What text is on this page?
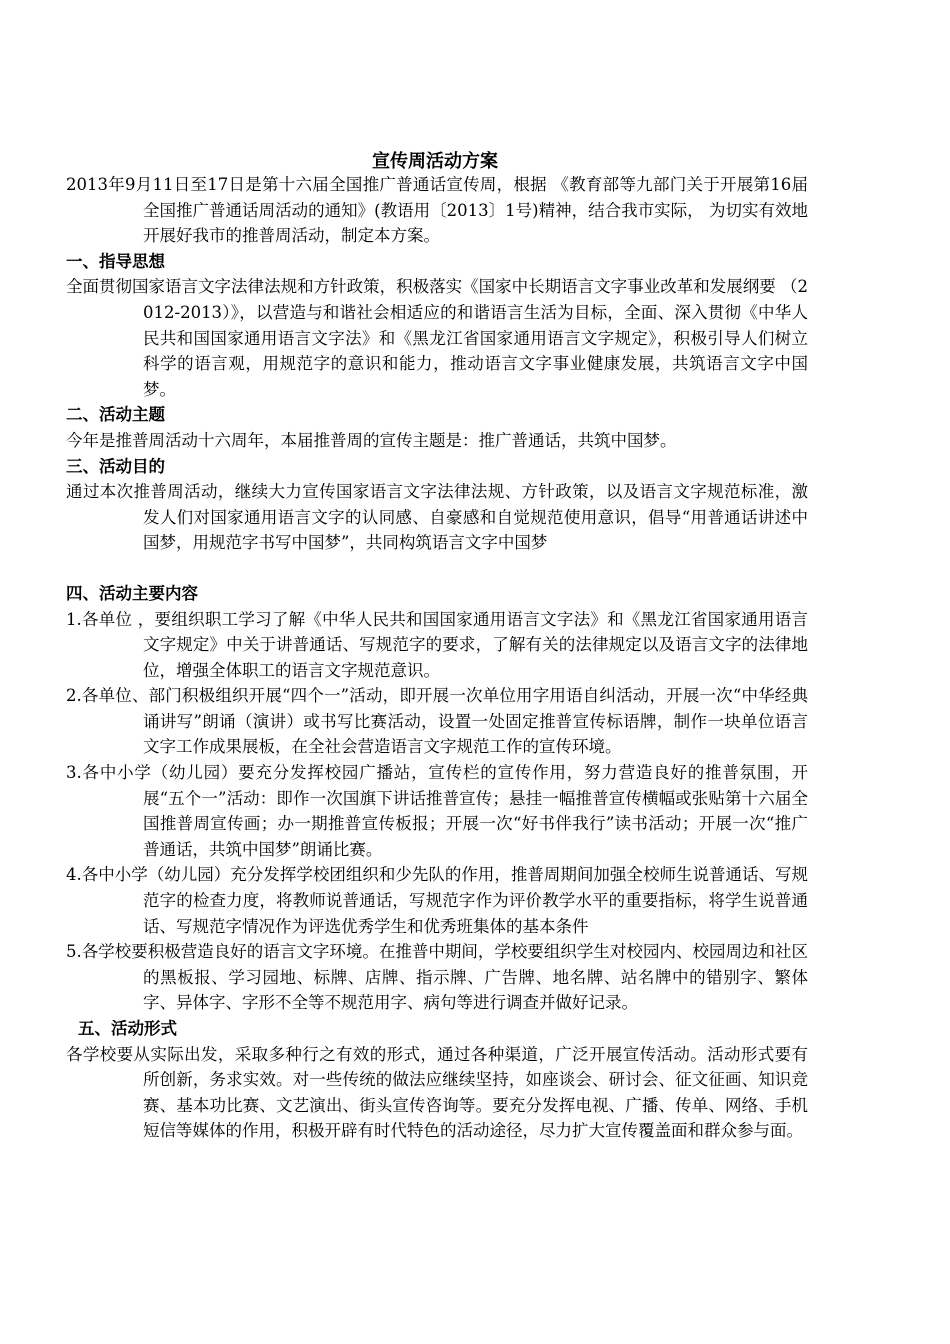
宣传周活动方案

2013年9月11日至17日是第十六届全国推广普通话宣传周，根据 《教育部等九部门关于开展第16届全国推广普通话周活动的通知》(教语用〔2013〕1号)精神，结合我市实际， 为切实有效地开展好我市的推普周活动，制定本方案。

一、指导思想

全面贯彻国家语言文字法律法规和方针政策，积极落实《国家中长期语言文字事业改革和发展纲要 （2012-2013）》，以营造与和谐社会相适应的和谐语言生活为目标，全面、深入贯彻《中华人民共和国国家通用语言文字法》和《黑龙江省国家通用语言文字规定》，积极引导人们树立科学的语言观，用规范字的意识和能力，推动语言文字事业健康发展，共筑语言文字中国梦。

二、活动主题

今年是推普周活动十六周年，本届推普周的宣传主题是：推广普通话，共筑中国梦。

三、活动目的

通过本次推普周活动，继续大力宣传国家语言文字法律法规、方针政策，以及语言文字规范标准，激发人们对国家通用语言文字的认同感、自豪感和自觉规范使用意识，倡导“用普通话讲述中国梦，用规范字书写中国梦”，共同构筑语言文字中国梦

四、活动主要内容

1.各单位 ，要组织职工学习了解《中华人民共和国国家通用语言文字法》和《黑龙江省国家通用语言文字规定》中关于讲普通话、写规范字的要求，了解有关的法律规定以及语言文字的法律地位，增强全体职工的语言文字规范意识。

2.各单位、部门积极组织开展“四个一”活动，即开展一次单位用字用语自纠活动，开展一次“中华经典诵讲写”朗诵（演讲）或书写比赛活动，设置一处固定推普宣传标语牌，制作一块单位语言文字工作成果展板，在全社会营造语言文字规范工作的宣传环境。

3.各中小学（幼儿园）要充分发挥校园广播站，宣传栏的宣传作用，努力营造良好的推普氛围，开展“五个一”活动：即作一次国旗下讲话推普宣传；悬挂一幅推普宣传横幅或张贴第十六届全国推普周宣传画；办一期推普宣传板报；开展一次“好书伴我行”读书活动；开展一次“推广普通话，共筑中国梦”朗诵比赛。

4.各中小学（幼儿园）充分发挥学校团组织和少先队的作用，推普周期间加强全校师生说普通话、写规范字的检查力度，将教师说普通话，写规范字作为评价教学水平的重要指标，将学生说普通话、写规范字情况作为评选优秀学生和优秀班集体的基本条件

5.各学校要积极营造良好的语言文字环境。在推普中期间，学校要组织学生对校园内、校园周边和社区的黑板报、学习园地、标牌、店牌、指示牌、广告牌、地名牌、站名牌中的错别字、繁体字、异体字、字形不全等不规范用字、病句等进行调查并做好记录。

五、活动形式

各学校要从实际出发，采取多种行之有效的形式，通过各种渠道，广泛开展宣传活动。活动形式要有所创新，务求实效。对一些传统的做法应继续坚持，如座谈会、研讨会、征文征画、知识竞赛、基本功比赛、文艺演出、街头宣传咨询等。要充分发挥电视、广播、传单、网络、手机短信等媒体的作用，积极开辟有时代特色的活动途径，尽力扩大宣传覆盖面和群众参与面。
